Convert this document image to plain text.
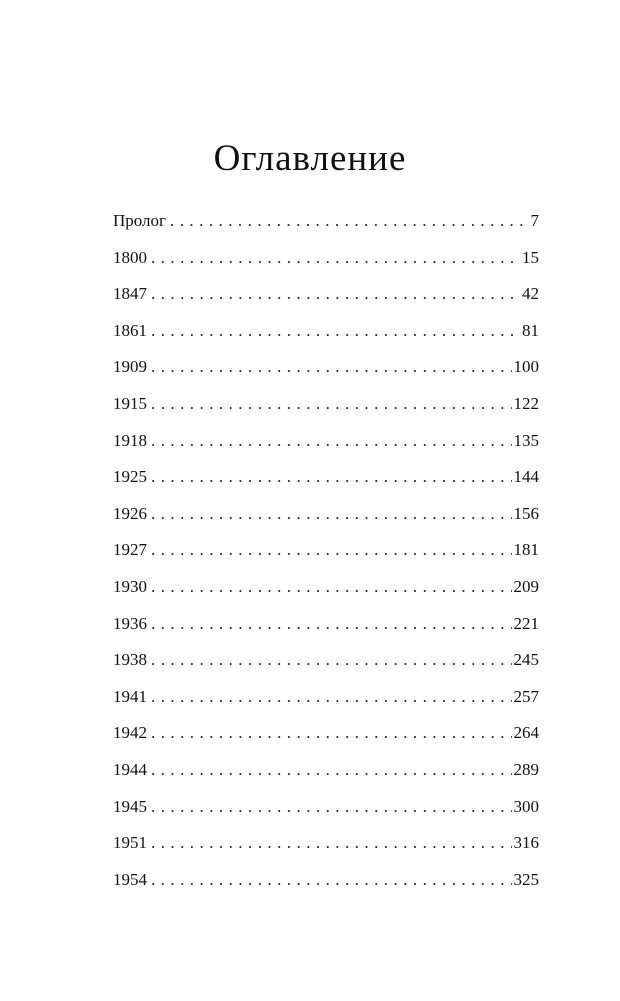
Оглавление
Пролог . . .	7
1800 . . .	15
1847 . . .	42
1861 . . .	81
1909 . . .	100
1915 . . .	122
1918 . . .	135
1925 . . .	144
1926 . . .	156
1927 . . .	181
1930 . . .	209
1936 . . .	221
1938 . . .	245
1941 . . .	257
1942 . . .	264
1944 . . .	289
1945 . . .	300
1951 . . .	316
1954 . . .	325
